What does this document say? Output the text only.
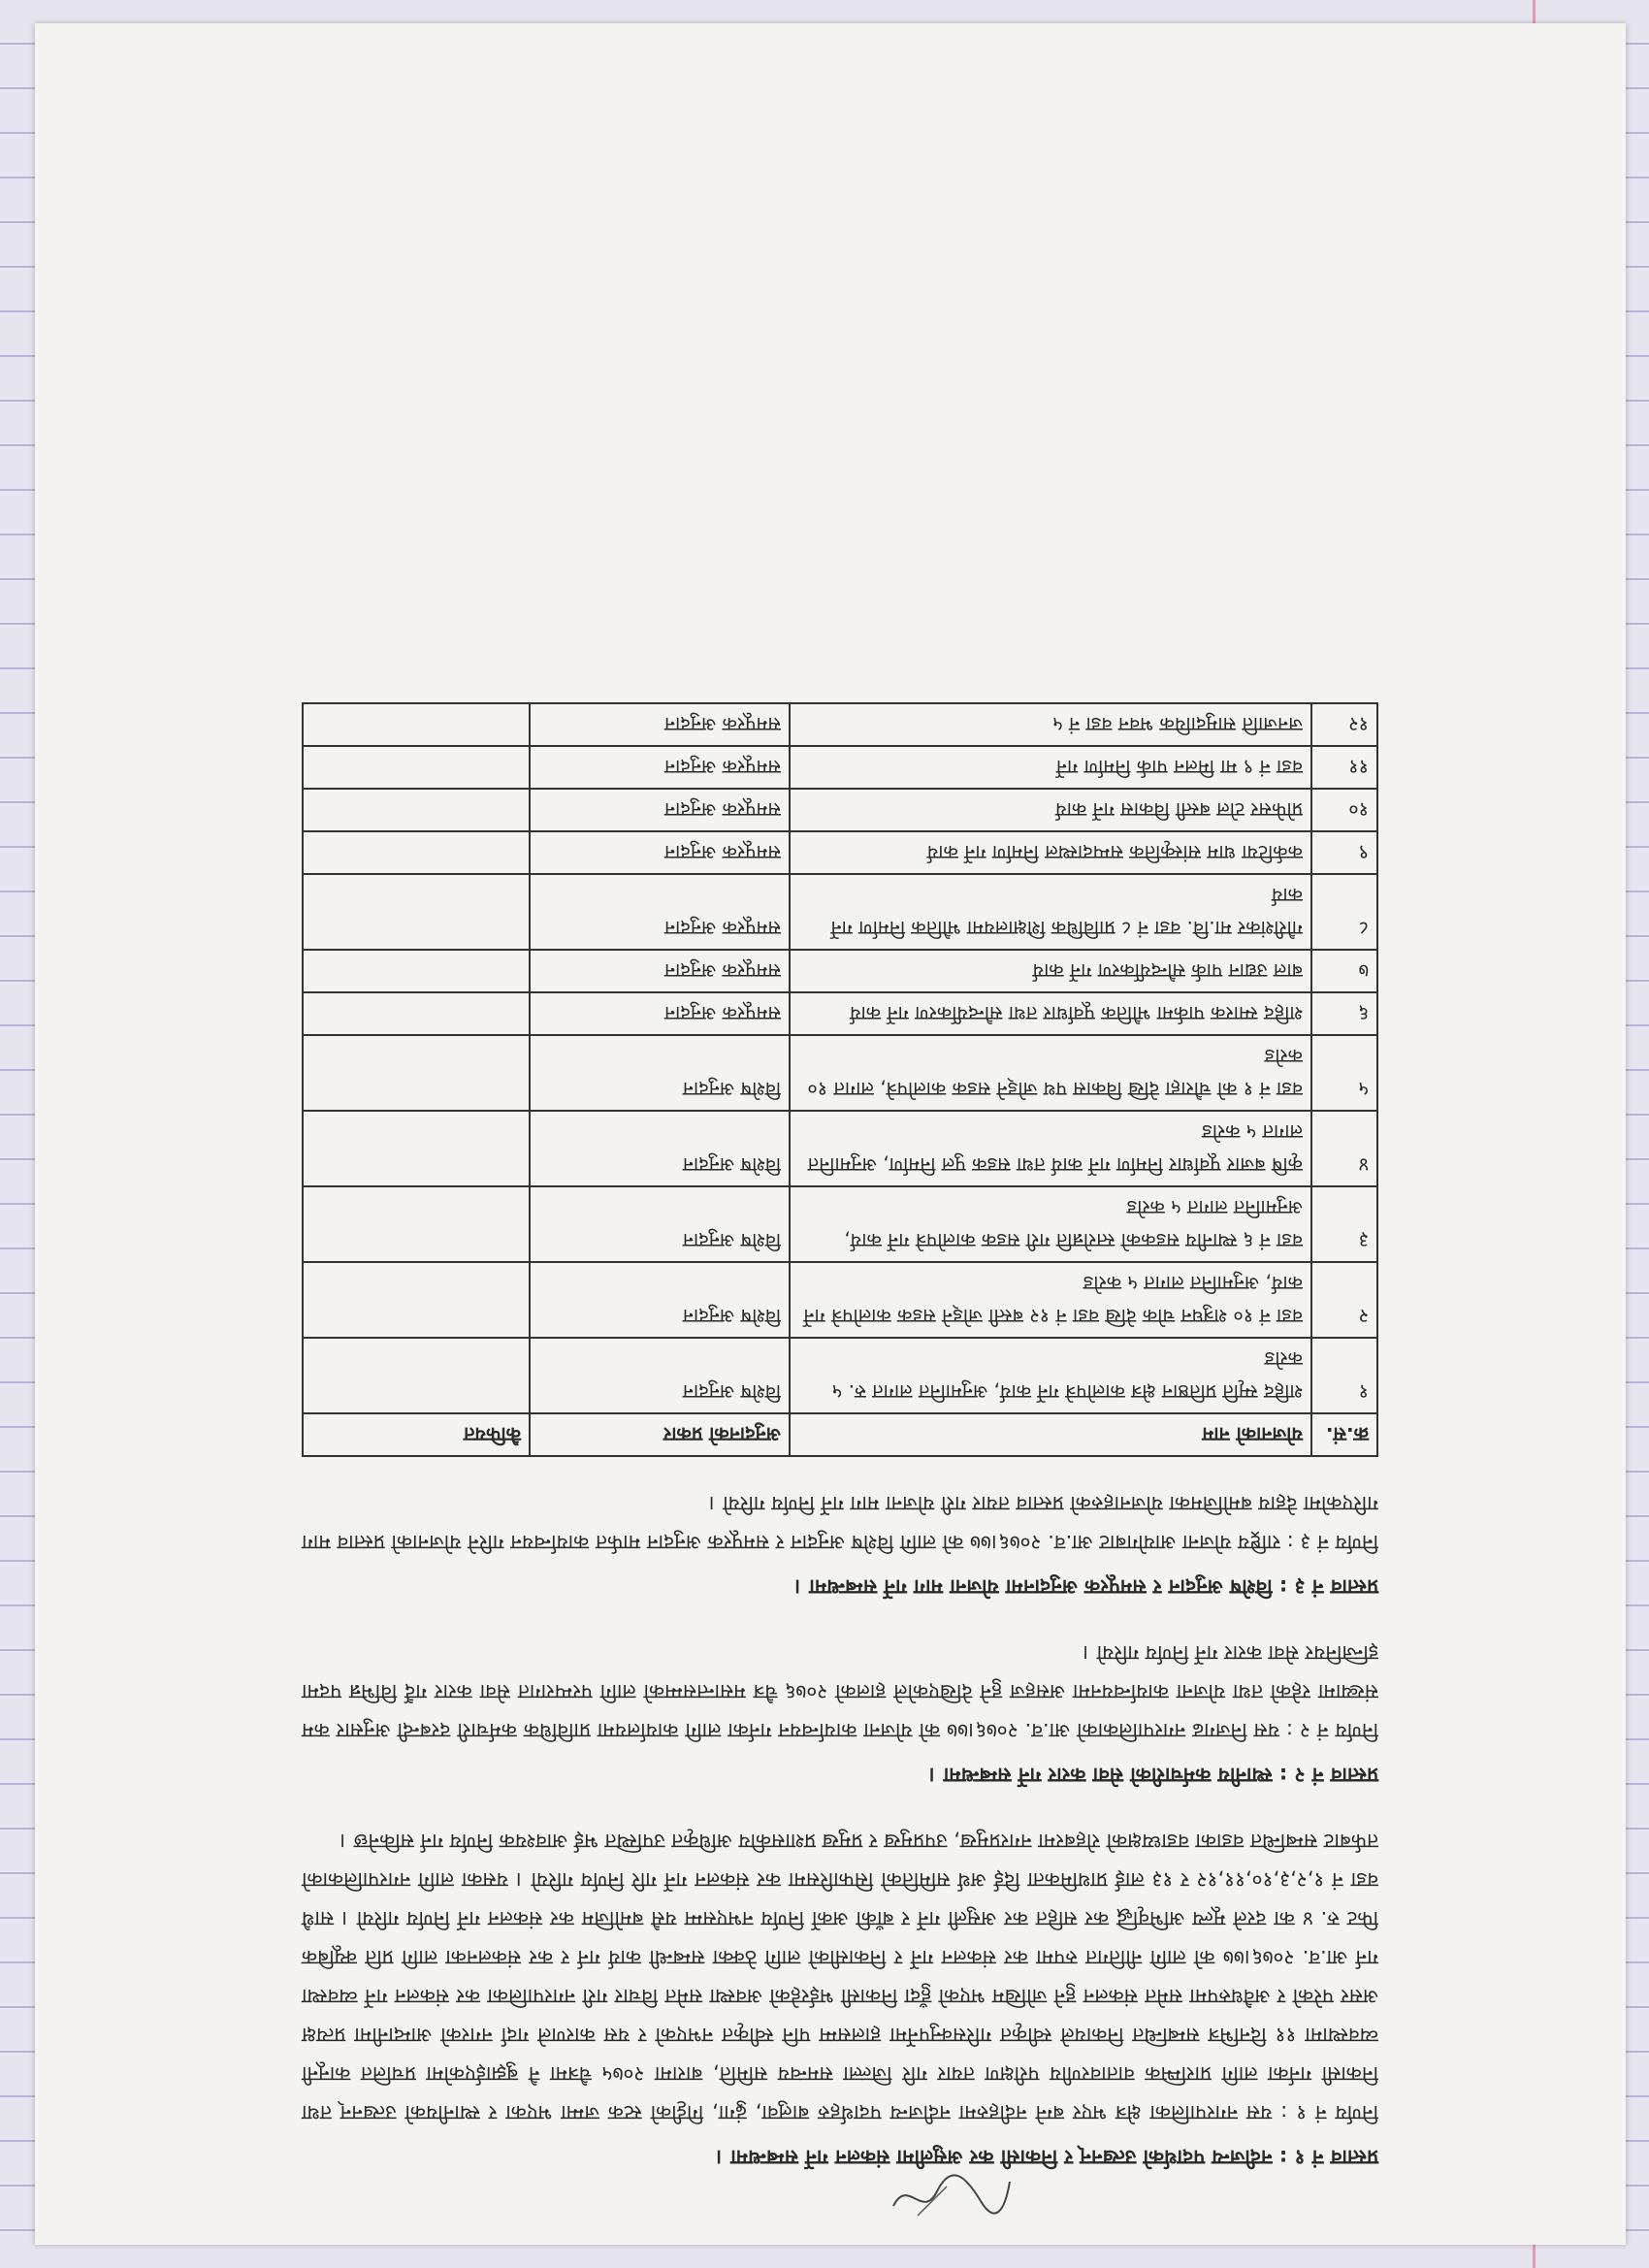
प्रस्ताव नं १ : नदीजन्य पदार्थको उत्खनन् र निकासी कर असुलीमा संकलन गर्ने सम्बन्धमा ।
निर्णय नं १ : यस नगरपालिका क्षेत्र भएर बग्ने नदीहरुमा नदीजन्य पदार्थहरु बालुवा, ढुंगा, गिट्टीको स्टक जम्मा भएका र स्थानीयको उत्खनन् तथा निकासी गर्नका लागि प्रारम्भिक वातावरणीय परीक्षण तयार गरि जिल्ला समन्वय समिति, बारामा २०७५ चैत्रमा नै बुझाईएकोमा प्रचलित कानूनी व्यवस्थामा ११ दिनभित्र सम्बन्धित निकायले स्वीकृत गरिसक्नुपर्नेमा हालसम्म पनि स्वीकृत नभएको र यस कारणले गर्दा नगरको आम्दानीमा प्रत्यक्ष असर परेको र अवैधरुपमा समेत संकलन हुने जोखिम भएको हुँदा निकासी भईरहेको अवस्था समेत विचार गरी नगरपालिका कर संकलन गर्ने व्यवस्था गर्न आ.व. २०७६।७७ को लागि नीतिगत रुपमा कर संकलन गर्ने र निकासीको लागि ठेक्का सम्बन्धी कार्य गर्न र कर संकलनका लागि प्रति क्यूबिक फिट रु. ४ का दरले मूल्य अभिवृद्धि कर सहित कर असुली गर्ने र बाँकी अर्को निर्णय नभएसम्म यसै बमोजिम कर संकलन गर्ने निर्णय गरियो । साथै वडा नं १,२,३,१०,११,१२ र १३ लाई प्राथमिकता दिई अर्थ समितिको सिफारिसमा कर संकलन गर्ने गरि निर्णय गरियो । यसका लागि नगरपालिकाको तर्फबाट सम्बन्धित वडाका वडाध्यक्षको रोहबरमा नगरप्रमुख, उपप्रमुख र प्रमुख प्रशासकीय अधिकृत उपस्थित भई आवश्यक निर्णय गर्न सकिनेछ ।
प्रस्ताव नं २ : स्थानीय कर्मचारीको सेवा करार गर्ने सम्बन्धमा ।
निर्णय नं २ : यस निजगढ नगरपालिकाको आ.व. २०७६।७७ को योजना कार्यान्वयन गर्नका लागि कार्यालयमा प्राविधिक कर्मचारी दरबन्दी अनुसार कम संख्यामा रहेको तथा योजना कार्यान्वयनमा असहज हुने देखिएकोले हालको २०७६ चैत्र मसान्तसम्मको लागि परम्परागत सेवा करार गर्दै विभिन्न पदमा इन्जिनियर सेवा करार गर्ने निर्णय गरियो ।
प्रस्ताव नं ३ : विशेष अनुदान र समपूरक अनुदानमा योजना माग गर्ने सम्बन्धमा ।
निर्णय नं ३ : राष्ट्रिय योजना आयोगबाट आ.व. २०७६।७७ को लागि विशेष अनुदान र समपूरक अनुदान मार्फत कार्यान्वयन गरिने योजनाको प्रस्ताव माग गरिएकोमा देहाय बमोजिमका योजनाहरुको प्रस्ताव तयार गरी योजना माग गर्ने निर्णय गरियो ।
क्र.सं.	योजनाको नाम	अनुदानको प्रकार	कैफियत
१	शहिद स्मृति प्रतिष्ठान क्षेत्र कालोपत्रे गर्ने कार्य, अनुमानित लागत रु. ५ करोड	विशेष अनुदान	
२	वडा नं १० शत्रुघन चोक देखि वडा नं १२ बस्ती जोड्ने सडक कालोपत्रे गर्ने कार्य, अनुमानित लागत ५ करोड	विशेष अनुदान	
३	वडा नं ६ स्थानीय सडकको स्तरोन्नति गरी सडक कालोपत्रे गर्ने कार्य, अनुमानित लागत ५ करोड	विशेष अनुदान	
४	कृषि बजार पूर्वाधार निर्माण गर्ने कार्य तथा सडक पुल निर्माण, अनुमानित लागत ५ करोड	विशेष अनुदान	
५	वडा नं १ को चौराहा देखि विकास पथ जोड्ने सडक कालोपत्रे, लागत १० करोड	विशेष अनुदान	
६	शहिद स्मारक पार्कमा भौतिक पूर्वाधार तथा सौन्दर्यीकरण गर्ने कार्य	समपूरक अनुदान	
७	बाल उद्यान पार्क सौन्दर्यीकरण गर्ने कार्य	समपूरक अनुदान	
८	गौरीशंकर मा.वि. वडा नं ८ प्राविधिक शिक्षालयमा भौतिक निर्माण गर्ने कार्य	समपूरक अनुदान	
९	कर्कटिया धाम सांस्कृतिक सम्पदास्थल निर्माण गर्ने कार्य	समपूरक अनुदान	
१०	प्रोफेसर टोल बस्ती विकास गर्ने कार्य	समपूरक अनुदान	
११	वडा नं ९ मा मिलन पार्क निर्माण गर्ने	समपूरक अनुदान	
१२	जनजाति सामुदायिक भवन वडा नं ५	समपूरक अनुदान	
